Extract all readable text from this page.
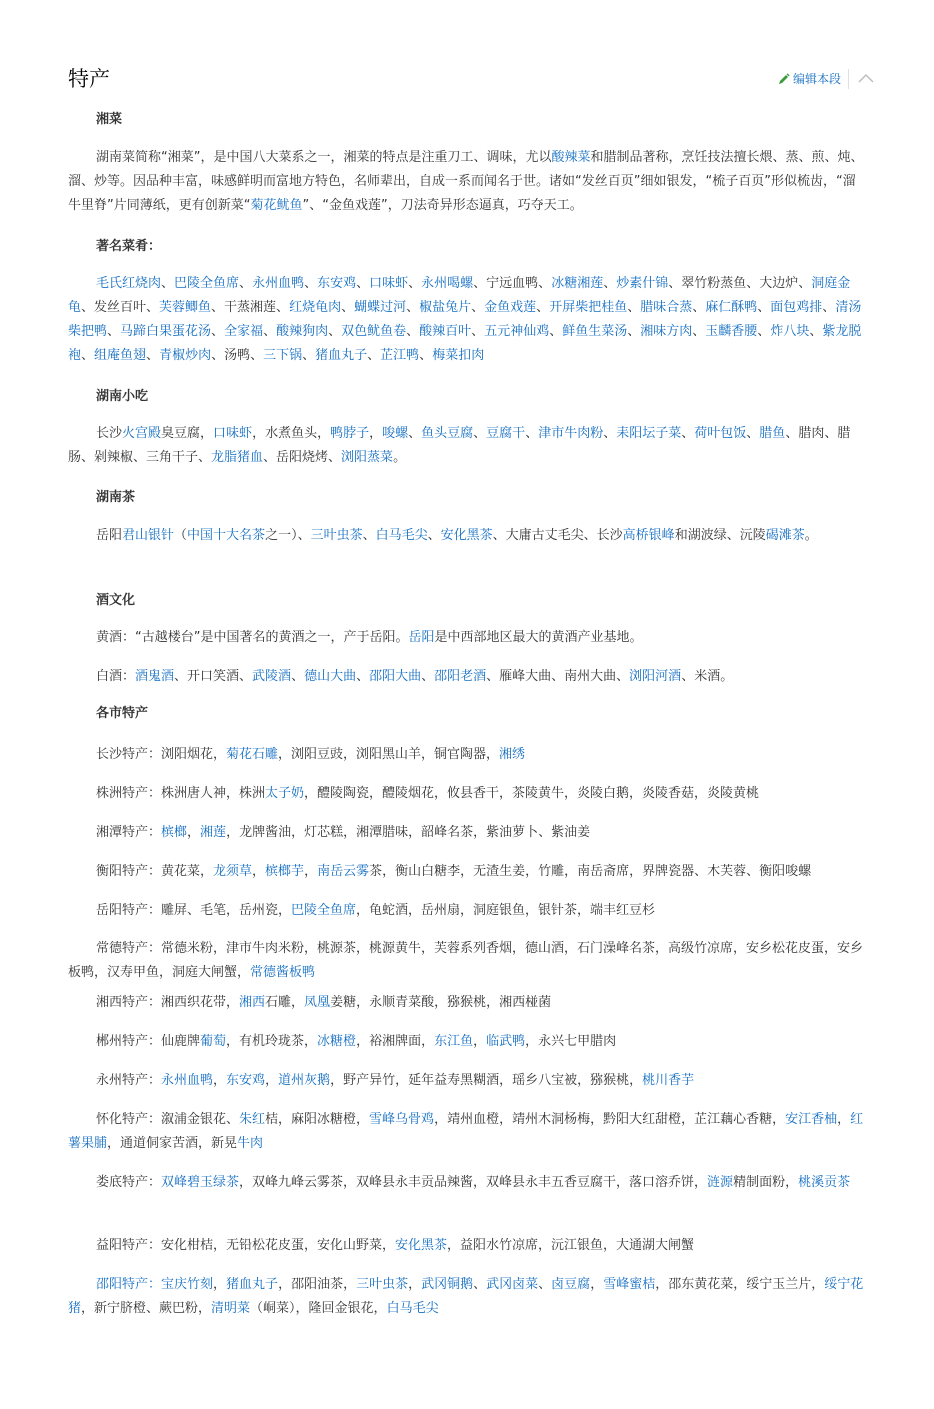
特产	编辑本段
湘菜

湖南菜简称“湘菜”，是中国八大菜系之一，湘菜的特点是注重刀工、调味，尤以酸辣菜和腊制品著称，烹饪技法擅长煨、蒸、煎、炖、溜、炒等。因品种丰富，味感鲜明而富地方特色，名师辈出，自成一系而闻名于世。诸如“发丝百页”细如银发，“梳子百页”形似梳齿，“溜牛里脊”片同薄纸，更有创新菜“菊花鱿鱼”、“金鱼戏莲”，刀法奇异形态逼真，巧夺天工。

著名菜肴：

毛氏红烧肉、巴陵全鱼席、永州血鸭、东安鸡、口味虾、永州喝螺、宁远血鸭、冰糖湘莲、炒素什锦、翠竹粉蒸鱼、大边炉、洞庭金龟、发丝百叶、芙蓉鲫鱼、干蒸湘莲、红烧龟肉、蝴蝶过河、椒盐兔片、金鱼戏莲、开屏柴把桂鱼、腊味合蒸、麻仁酥鸭、面包鸡排、清汤柴把鸭、马蹄白果蛋花汤、全家福、酸辣狗肉、双色鱿鱼卷、酸辣百叶、五元神仙鸡、鲜鱼生菜汤、湘味方肉、玉麟香腰、炸八块、紫龙脱袍、组庵鱼翅、青椒炒肉、汤鸭、三下锅、猪血丸子、芷江鸭、梅菜扣肉

湖南小吃

长沙火宫殿臭豆腐，口味虾，水煮鱼头，鸭脖子，唆螺、鱼头豆腐、豆腐干、津市牛肉粉、耒阳坛子菜、荷叶包饭、腊鱼、腊肉、腊肠、剁辣椒、三角干子、龙脂猪血、岳阳烧烤、浏阳蒸菜。

湖南茶

岳阳君山银针（中国十大名茶之一）、三叶虫茶、白马毛尖、安化黑茶、大庸古丈毛尖、长沙高桥银峰和湖波绿、沅陵碣滩茶。

酒文化

黄酒：“古越楼台”是中国著名的黄酒之一，产于岳阳。岳阳是中西部地区最大的黄酒产业基地。

白酒：酒鬼酒、开口笑酒、武陵酒、德山大曲、邵阳大曲、邵阳老酒、雁峰大曲、南州大曲、浏阳河酒、米酒。

各市特产

长沙特产：浏阳烟花，菊花石雕，浏阳豆豉，浏阳黑山羊，铜官陶器，湘绣

株洲特产：株洲唐人神，株洲太子奶，醴陵陶瓷，醴陵烟花，攸县香干，茶陵黄牛，炎陵白鹅，炎陵香菇，炎陵黄桃

湘潭特产：槟榔，湘莲，龙牌酱油，灯芯糕，湘潭腊味，韶峰名茶，紫油萝卜、紫油姜

衡阳特产：黄花菜，龙须草，槟榔芋，南岳云雾茶，衡山白糖李，无渣生姜，竹雕，南岳斋席，界牌瓷器、木芙蓉、衡阳唆螺

岳阳特产：雕屏、毛笔，岳州瓷，巴陵全鱼席，龟蛇酒，岳州扇，洞庭银鱼，银针茶，端丰红豆杉

常德特产：常德米粉，津市牛肉米粉，桃源茶，桃源黄牛，芙蓉系列香烟，德山酒，石门澡峰名茶，高级竹凉席，安乡松花皮蛋，安乡板鸭，汉寿甲鱼，洞庭大闸蟹，常德酱板鸭

湘西特产：湘西织花带，湘西石雕，凤凰姜糖，永顺青菜酸，猕猴桃，湘西椪菌

郴州特产：仙鹿牌葡萄，有机玲珑茶，冰糖橙，裕湘牌面，东江鱼，临武鸭，永兴七甲腊肉

永州特产：永州血鸭，东安鸡，道州灰鹅，野产异竹，延年益寿黑糊酒，瑶乡八宝被，猕猴桃，桃川香芋

怀化特产：溆浦金银花、朱红桔，麻阳冰糖橙，雪峰乌骨鸡，靖州血橙，靖州木洞杨梅，黔阳大红甜橙，芷江藕心香糖，安江香柚，红薯果脯，通道侗家苦酒，新晃牛肉

娄底特产：双峰碧玉绿茶，双峰九峰云雾茶，双峰县永丰贡品辣酱，双峰县永丰五香豆腐干，落口溶乔饼，涟源精制面粉，桃溪贡茶

益阳特产：安化柑桔，无铅松花皮蛋，安化山野菜，安化黑茶，益阳水竹凉席，沅江银鱼，大通湖大闸蟹

邵阳特产：宝庆竹刻，猪血丸子，邵阳油茶，三叶虫茶，武冈铜鹅、武冈卤菜、卤豆腐，雪峰蜜桔，邵东黄花菜，绥宁玉兰片，绥宁花猪，新宁脐橙、蕨巴粉，清明菜（峒菜），隆回金银花，白马毛尖
